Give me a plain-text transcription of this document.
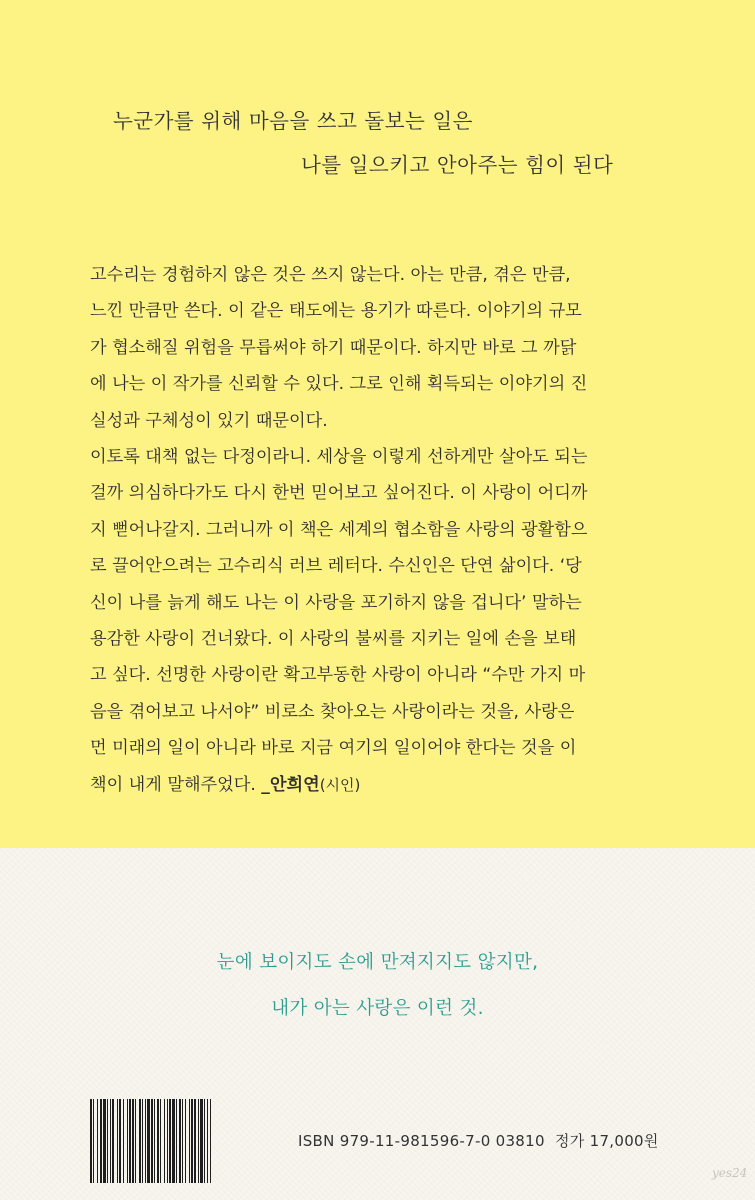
누군가를 위해 마음을 쓰고 돌보는 일은
나를 일으키고 안아주는 힘이 된다
고수리는 경험하지 않은 것은 쓰지 않는다. 아는 만큼, 겪은 만큼,
느낀 만큼만 쓴다. 이 같은 태도에는 용기가 따른다. 이야기의 규모
가 협소해질 위험을 무릅써야 하기 때문이다. 하지만 바로 그 까닭
에 나는 이 작가를 신뢰할 수 있다. 그로 인해 획득되는 이야기의 진
실성과 구체성이 있기 때문이다.
이토록 대책 없는 다정이라니. 세상을 이렇게 선하게만 살아도 되는
걸까 의심하다가도 다시 한번 믿어보고 싶어진다. 이 사랑이 어디까
지 뻗어나갈지. 그러니까 이 책은 세계의 협소함을 사랑의 광활함으
로 끌어안으려는 고수리식 러브 레터다. 수신인은 단연 삶이다. ‘당
신이 나를 늙게 해도 나는 이 사랑을 포기하지 않을 겁니다’ 말하는
용감한 사랑이 건너왔다. 이 사랑의 불씨를 지키는 일에 손을 보태
고 싶다. 선명한 사랑이란 확고부동한 사랑이 아니라 “수만 가지 마
음을 겪어보고 나서야” 비로소 찾아오는 사랑이라는 것을, 사랑은
먼 미래의 일이 아니라 바로 지금 여기의 일이어야 한다는 것을 이
책이 내게 말해주었다. _안희연(시인)
눈에 보이지도 손에 만져지지도 않지만,
내가 아는 사랑은 이런 것.
ISBN 979-11-981596-7-0 03810 정가 17,000원
yes24
